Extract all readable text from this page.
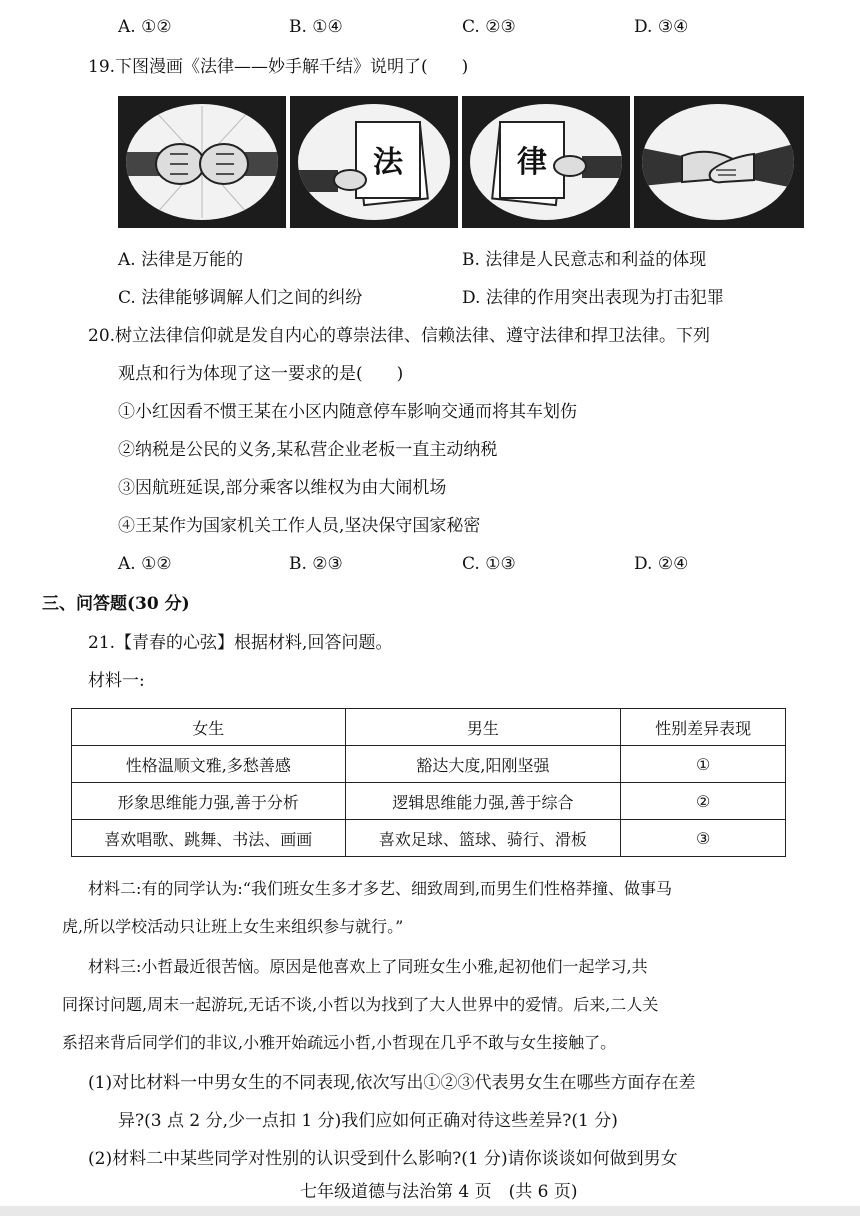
A. ①②	B. ①④	C. ②③	D. ③④
19.下图漫画《法律——妙手解千结》说明了(　　)
法	律
A. 法律是万能的	B. 法律是人民意志和利益的体现
C. 法律能够调解人们之间的纠纷	D. 法律的作用突出表现为打击犯罪
20.树立法律信仰就是发自内心的尊崇法律、信赖法律、遵守法律和捍卫法律。下列
观点和行为体现了这一要求的是(　　)
①小红因看不惯王某在小区内随意停车影响交通而将其车划伤
②纳税是公民的义务,某私营企业老板一直主动纳税
③因航班延误,部分乘客以维权为由大闹机场
④王某作为国家机关工作人员,坚决保守国家秘密
A. ①②	B. ②③	C. ①③	D. ②④
三、问答题(30 分)
21.【青春的心弦】根据材料,回答问题。
材料一:
女生	男生	性别差异表现
性格温顺文雅,多愁善感	豁达大度,阳刚坚强	①
形象思维能力强,善于分析	逻辑思维能力强,善于综合	②
喜欢唱歌、跳舞、书法、画画	喜欢足球、篮球、骑行、滑板	③
材料二:有的同学认为:“我们班女生多才多艺、细致周到,而男生们性格莽撞、做事马
虎,所以学校活动只让班上女生来组织参与就行。”
材料三:小哲最近很苦恼。原因是他喜欢上了同班女生小雅,起初他们一起学习,共
同探讨问题,周末一起游玩,无话不谈,小哲以为找到了大人世界中的爱情。后来,二人关
系招来背后同学们的非议,小雅开始疏远小哲,小哲现在几乎不敢与女生接触了。
(1)对比材料一中男女生的不同表现,依次写出①②③代表男女生在哪些方面存在差
异?(3 点 2 分,少一点扣 1 分)我们应如何正确对待这些差异?(1 分)
(2)材料二中某些同学对性别的认识受到什么影响?(1 分)请你谈谈如何做到男女
七年级道德与法治第 4 页　(共 6 页)
